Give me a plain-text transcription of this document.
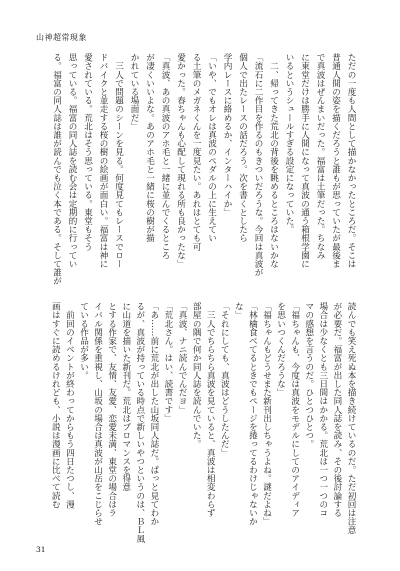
山神超常現象
ただの一度も人間として描かなかったところだ。そこは
普通人間の姿を描くだろうと誰もが思っていたが最後ま
で真波はぜんまいだった。福富は土筆だった。ちなみ
に東堂だけは勝手に人間になって真波の通う箱根学園に
いるというシュールすぎる設定になっていた。
　二、帰ってきた荒北の背後を眺めるところはないかな
「流石に二作目を作るのもきついだろうな。今回は真波が
個人で出たレースの話だろう。次を書くとしたら
学内レースに絡めるか、インターハイか」
「いや、でもオレは真波のペダルの上に生えてい
る土筆のメガネくんを一度見たい。あれはとても可
愛かった。春ちゃんも心配して現れる所も良かったな」
「真波、あの真波のアホ毛と一緒に並んでくるところ
が凄くいいよな。あのアホ毛と一緒に桜の樹が描
かれている場面だ」
　三人で問題のシーンを見る。何度見てもレースでロー
ドバイクと並走する桜の樹の絵画が面白い。福富は神に
愛されている。荒北はそう思っている。東堂もそう
思っている。福富の同人誌を読む会は定期的に行ってい
る。福富の同人誌は誰が読んでも泣く本である。そして誰が
読んでも笑え死ぬ本を描き続けているのだ。ただ初回は注意
が必要だ。福富が出した同人誌を読み、その後討論する
場合は少なくとも三日間はかかる。荒北は一つ一つのコ
マの感想を言うのだ。ひとつひとつ。
「福ちゃんも、今度は真波をモデルにしてのアイディア
を思いつくんだろうな」
「福ちゃんもどうせまた新刊出しちゃうよね。謎だよね」
「林檎食べてるときでもページを捲ってるわけじゃないか
な」
「それにしても、真波はどうしたんだ」
　三人でちらちら真波を見ていると、真波は相変わらず
部屋の隅で何か同人誌を読んでいた。
「真波、ナニ読んでんだヨ」
「荒北さん。はい、読書です」
「あ……前に荒北が出した山坂同人誌だ。ぱっと見てわか
るが、真波が持っている時点で新しいやつというのは、ＢＬ風
に山道を描いた新刊だ。荒北はブロマンスを得意
とする作家で、友情、友愛、恋愛未満、東堂の場合はラ
イバル関係を重視し、山坂の場合は真波が山岳をこじらせ
ている作品が多い。
　前回のイベントが終わってからもう四日たつし、漫
画はすぐに読めるけれども、小説は漫画に比べて読む
31
